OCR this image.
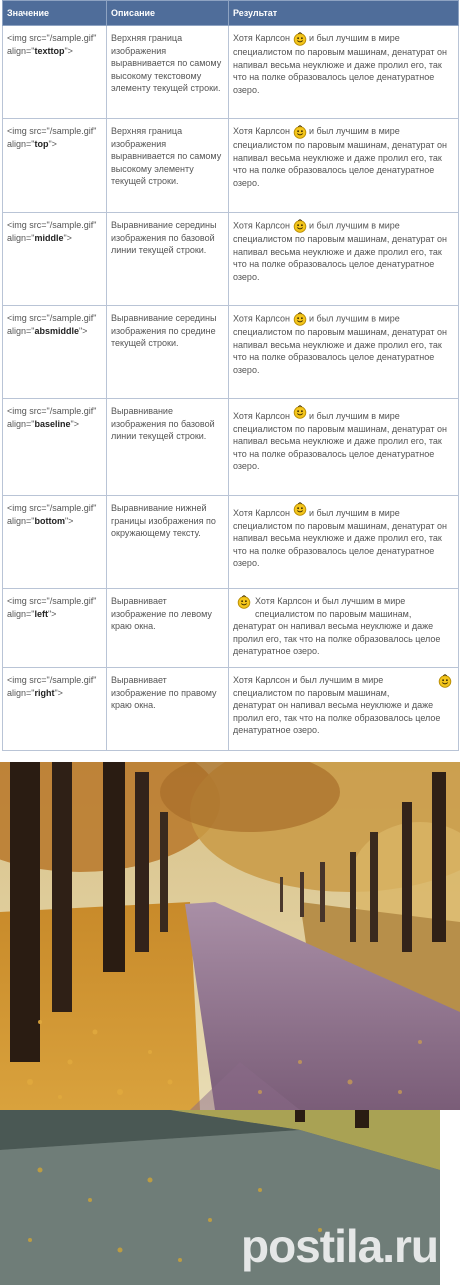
Значение	Описание	Результат
<img src="/sample.gif" align="texttop">	Верхняя граница изображения выравнивается по самому высокому текстовому элементу текущей строки.	Хотя Карлсон и был лучшим в мире специалистом по паровым машинам, денатурат он напивал весьма неуклюже и даже пролил его, так что на полке образовалось целое денатуратное озеро.
<img src="/sample.gif" align="top">	Верхняя граница изображения выравнивается по самому высокому элементу текущей строки.	Хотя Карлсон и был лучшим в мире специалистом по паровым машинам, денатурат он напивал весьма неуклюже и даже пролил его, так что на полке образовалось целое денатуратное озеро.
<img src="/sample.gif" align="middle">	Выравнивание середины изображения по базовой линии текущей строки.	Хотя Карлсон и был лучшим в мире специалистом по паровым машинам, денатурат он напивал весьма неуклюже и даже пролил его, так что на полке образовалось целое денатуратное озеро.
<img src="/sample.gif" align="absmiddle">	Выравнивание середины изображения по средине текущей строки.	Хотя Карлсон и был лучшим в мире специалистом по паровым машинам, денатурат он напивал весьма неуклюже и даже пролил его, так что на полке образовалось целое денатуратное озеро.
<img src="/sample.gif" align="baseline">	Выравнивание изображения по базовой линии текущей строки.	Хотя Карлсон и был лучшим в мире специалистом по паровым машинам, денатурат он напивал весьма неуклюже и даже пролил его, так что на полке образовалось целое денатуратное озеро.
<img src="/sample.gif" align="bottom">	Выравнивание нижней границы изображения по окружающему тексту.	Хотя Карлсон и был лучшим в мире специалистом по паровым машинам, денатурат он напивал весьма неуклюже и даже пролил его, так что на полке образовалось целое денатуратное озеро.
<img src="/sample.gif" align="left">	Выравнивает изображение по левому краю окна.	Хотя Карлсон и был лучшим в мире специалистом по паровым машинам, денатурат он напивал весьма неуклюже и даже пролил его, так что на полке образовалось целое денатуратное озеро.
<img src="/sample.gif" align="right">	Выравнивает изображение по правому краю окна.	Хотя Карлсон и был лучшим в мире специалистом по паровым машинам, денатурат он напивал весьма неуклюже и даже пролил его, так что на полке образовалось целое денатуратное озеро.
postila.ru
